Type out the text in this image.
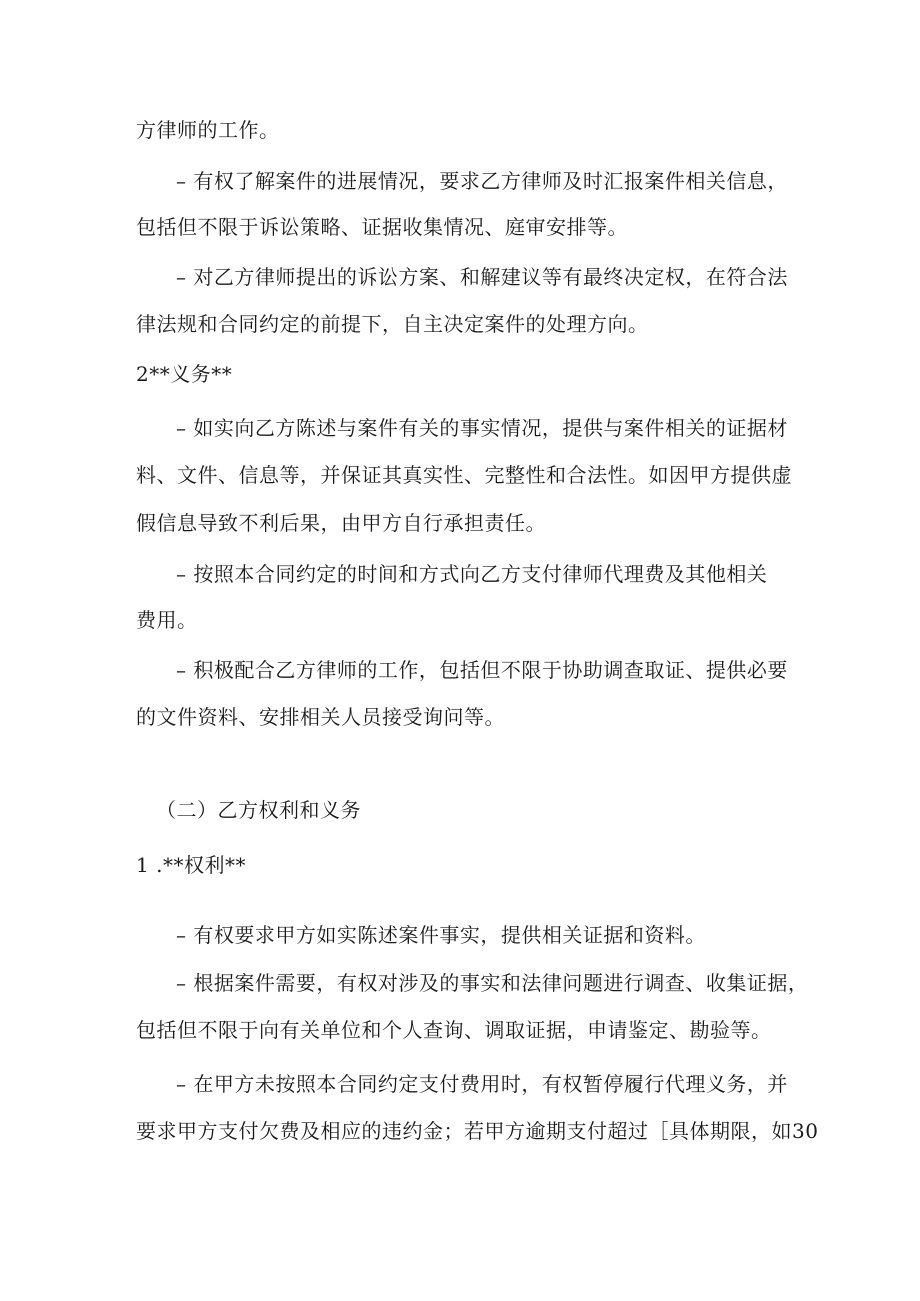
方律师的工作。
– 有权了解案件的进展情况，要求乙方律师及时汇报案件相关信息，
包括但不限于诉讼策略、证据收集情况、庭审安排等。
– 对乙方律师提出的诉讼方案、和解建议等有最终决定权，在符合法
律法规和合同约定的前提下，自主决定案件的处理方向。
2**义务**
– 如实向乙方陈述与案件有关的事实情况，提供与案件相关的证据材
料、文件、信息等，并保证其真实性、完整性和合法性。如因甲方提供虚
假信息导致不利后果，由甲方自行承担责任。
– 按照本合同约定的时间和方式向乙方支付律师代理费及其他相关
费用。
– 积极配合乙方律师的工作，包括但不限于协助调查取证、提供必要
的文件资料、安排相关人员接受询问等。
（二）乙方权利和义务
1 .**权利**
– 有权要求甲方如实陈述案件事实，提供相关证据和资料。
– 根据案件需要，有权对涉及的事实和法律问题进行调查、收集证据，
包括但不限于向有关单位和个人查询、调取证据，申请鉴定、勘验等。
– 在甲方未按照本合同约定支付费用时，有权暂停履行代理义务，并
要求甲方支付欠费及相应的违约金；若甲方逾期支付超过［具体期限，如30
